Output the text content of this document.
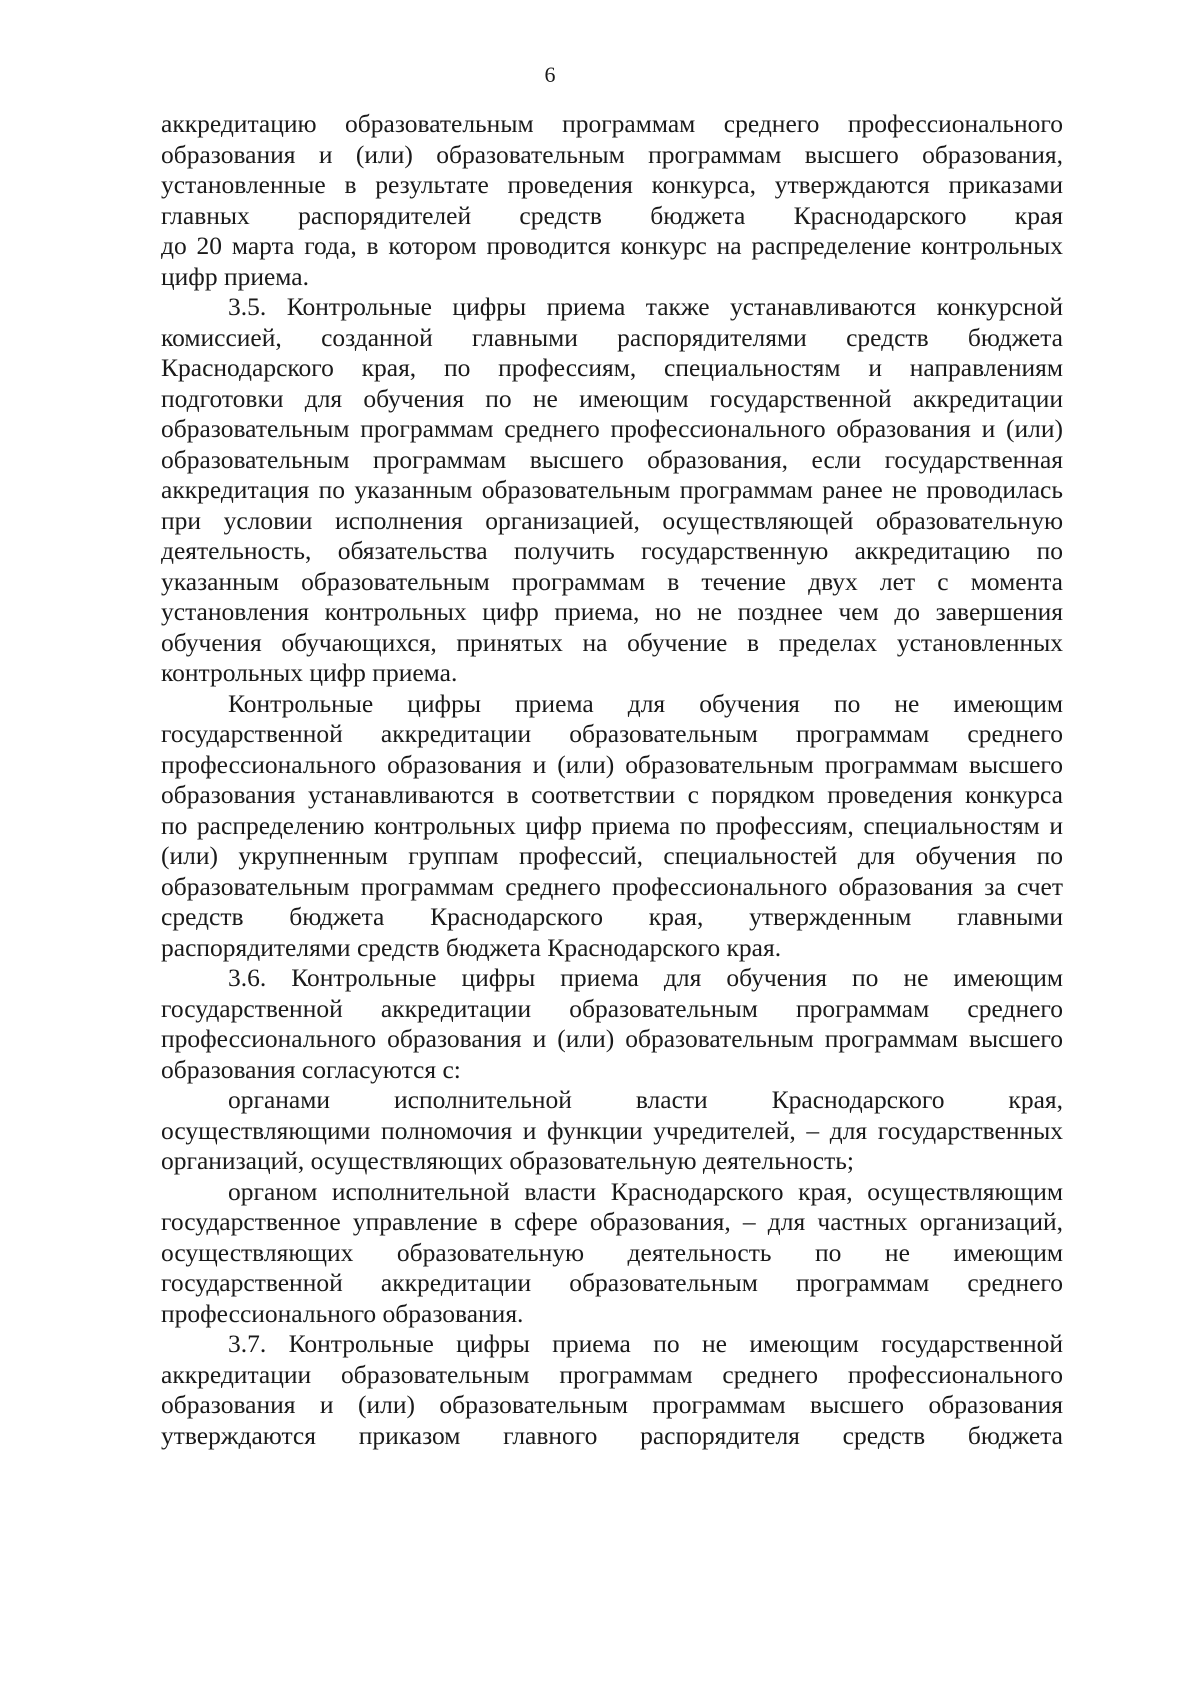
6
аккредитацию образовательным программам среднего профессионального
образования и (или) образовательным программам высшего образования,
установленные в результате проведения конкурса, утверждаются приказами
главных распорядителей средств бюджета Краснодарского края
до 20 марта года, в котором проводится конкурс на распределение контрольных
цифр приема.
3.5. Контрольные цифры приема также устанавливаются конкурсной
комиссией, созданной главными распорядителями средств бюджета
Краснодарского края, по профессиям, специальностям и направлениям
подготовки для обучения по не имеющим государственной аккредитации
образовательным программам среднего профессионального образования и (или)
образовательным программам высшего образования, если государственная
аккредитация по указанным образовательным программам ранее не проводилась
при условии исполнения организацией, осуществляющей образовательную
деятельность, обязательства получить государственную аккредитацию по
указанным образовательным программам в течение двух лет с момента
установления контрольных цифр приема, но не позднее чем до завершения
обучения обучающихся, принятых на обучение в пределах установленных
контрольных цифр приема.
Контрольные цифры приема для обучения по не имеющим
государственной аккредитации образовательным программам среднего
профессионального образования и (или) образовательным программам высшего
образования устанавливаются в соответствии с порядком проведения конкурса
по распределению контрольных цифр приема по профессиям, специальностям и
(или) укрупненным группам профессий, специальностей для обучения по
образовательным программам среднего профессионального образования за счет
средств бюджета Краснодарского края, утвержденным главными
распорядителями средств бюджета Краснодарского края.
3.6. Контрольные цифры приема для обучения по не имеющим
государственной аккредитации образовательным программам среднего
профессионального образования и (или) образовательным программам высшего
образования согласуются с:
органами исполнительной власти Краснодарского края,
осуществляющими полномочия и функции учредителей, – для государственных
организаций, осуществляющих образовательную деятельность;
органом исполнительной власти Краснодарского края, осуществляющим
государственное управление в сфере образования, – для частных организаций,
осуществляющих образовательную деятельность по не имеющим
государственной аккредитации образовательным программам среднего
профессионального образования.
3.7. Контрольные цифры приема по не имеющим государственной
аккредитации образовательным программам среднего профессионального
образования и (или) образовательным программам высшего образования
утверждаются приказом главного распорядителя средств бюджета
